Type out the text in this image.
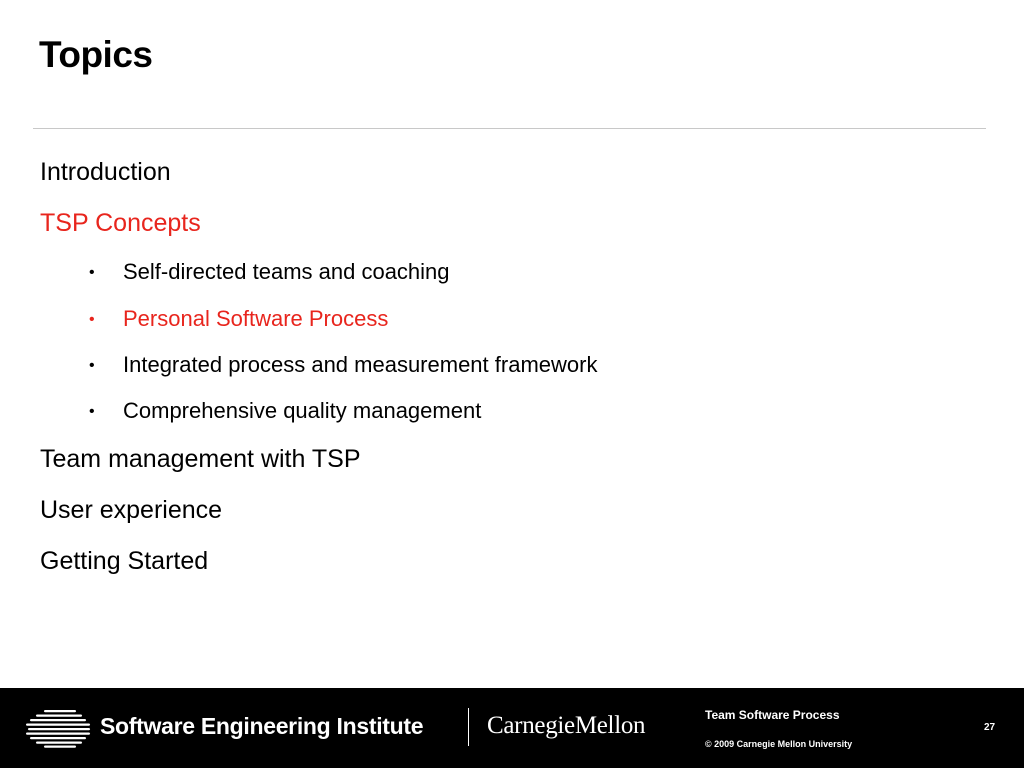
Topics
Introduction
TSP Concepts
• Self-directed teams and coaching
• Personal Software Process
• Integrated process and measurement framework
• Comprehensive quality management
Team management with TSP
User experience
Getting Started
Software Engineering Institute	CarnegieMellon	Team Software Process
© 2009 Carnegie Mellon University
27
